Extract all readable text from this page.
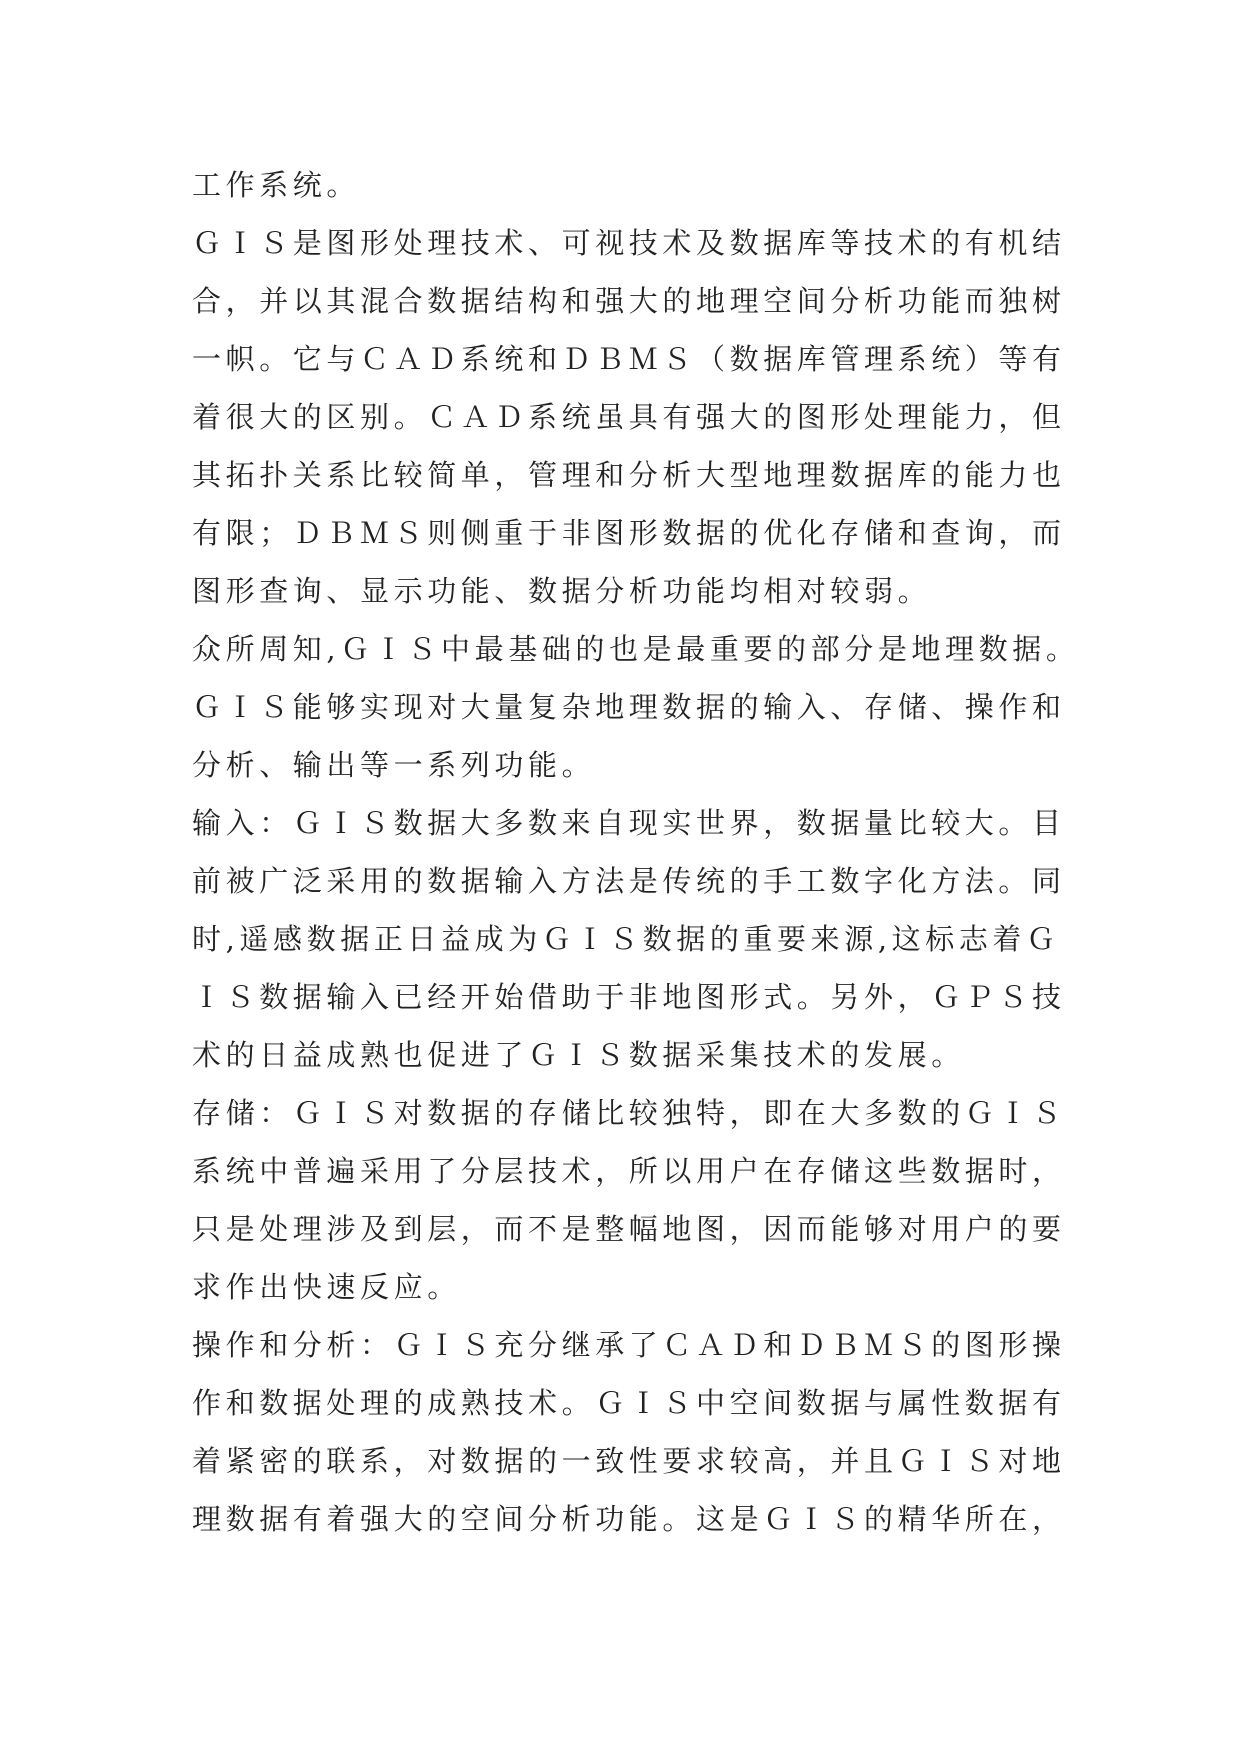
工作系统。
ＧＩＳ是图形处理技术、可视技术及数据库等技术的有机结
合，并以其混合数据结构和强大的地理空间分析功能而独树
一帜。它与ＣＡＤ系统和ＤＢＭＳ（数据库管理系统）等有
着很大的区别。ＣＡＤ系统虽具有强大的图形处理能力，但
其拓扑关系比较简单，管理和分析大型地理数据库的能力也
有限；ＤＢＭＳ则侧重于非图形数据的优化存储和查询，而
图形查询、显示功能、数据分析功能均相对较弱。
众所周知,ＧＩＳ中最基础的也是最重要的部分是地理数据。
ＧＩＳ能够实现对大量复杂地理数据的输入、存储、操作和
分析、输出等一系列功能。
输入：ＧＩＳ数据大多数来自现实世界，数据量比较大。目
前被广泛采用的数据输入方法是传统的手工数字化方法。同
时,遥感数据正日益成为ＧＩＳ数据的重要来源,这标志着Ｇ
ＩＳ数据输入已经开始借助于非地图形式。另外，ＧＰＳ技
术的日益成熟也促进了ＧＩＳ数据采集技术的发展。
存储：ＧＩＳ对数据的存储比较独特，即在大多数的ＧＩＳ
系统中普遍采用了分层技术，所以用户在存储这些数据时，
只是处理涉及到层，而不是整幅地图，因而能够对用户的要
求作出快速反应。
操作和分析：ＧＩＳ充分继承了ＣＡＤ和ＤＢＭＳ的图形操
作和数据处理的成熟技术。ＧＩＳ中空间数据与属性数据有
着紧密的联系，对数据的一致性要求较高，并且ＧＩＳ对地
理数据有着强大的空间分析功能。这是ＧＩＳ的精华所在，
